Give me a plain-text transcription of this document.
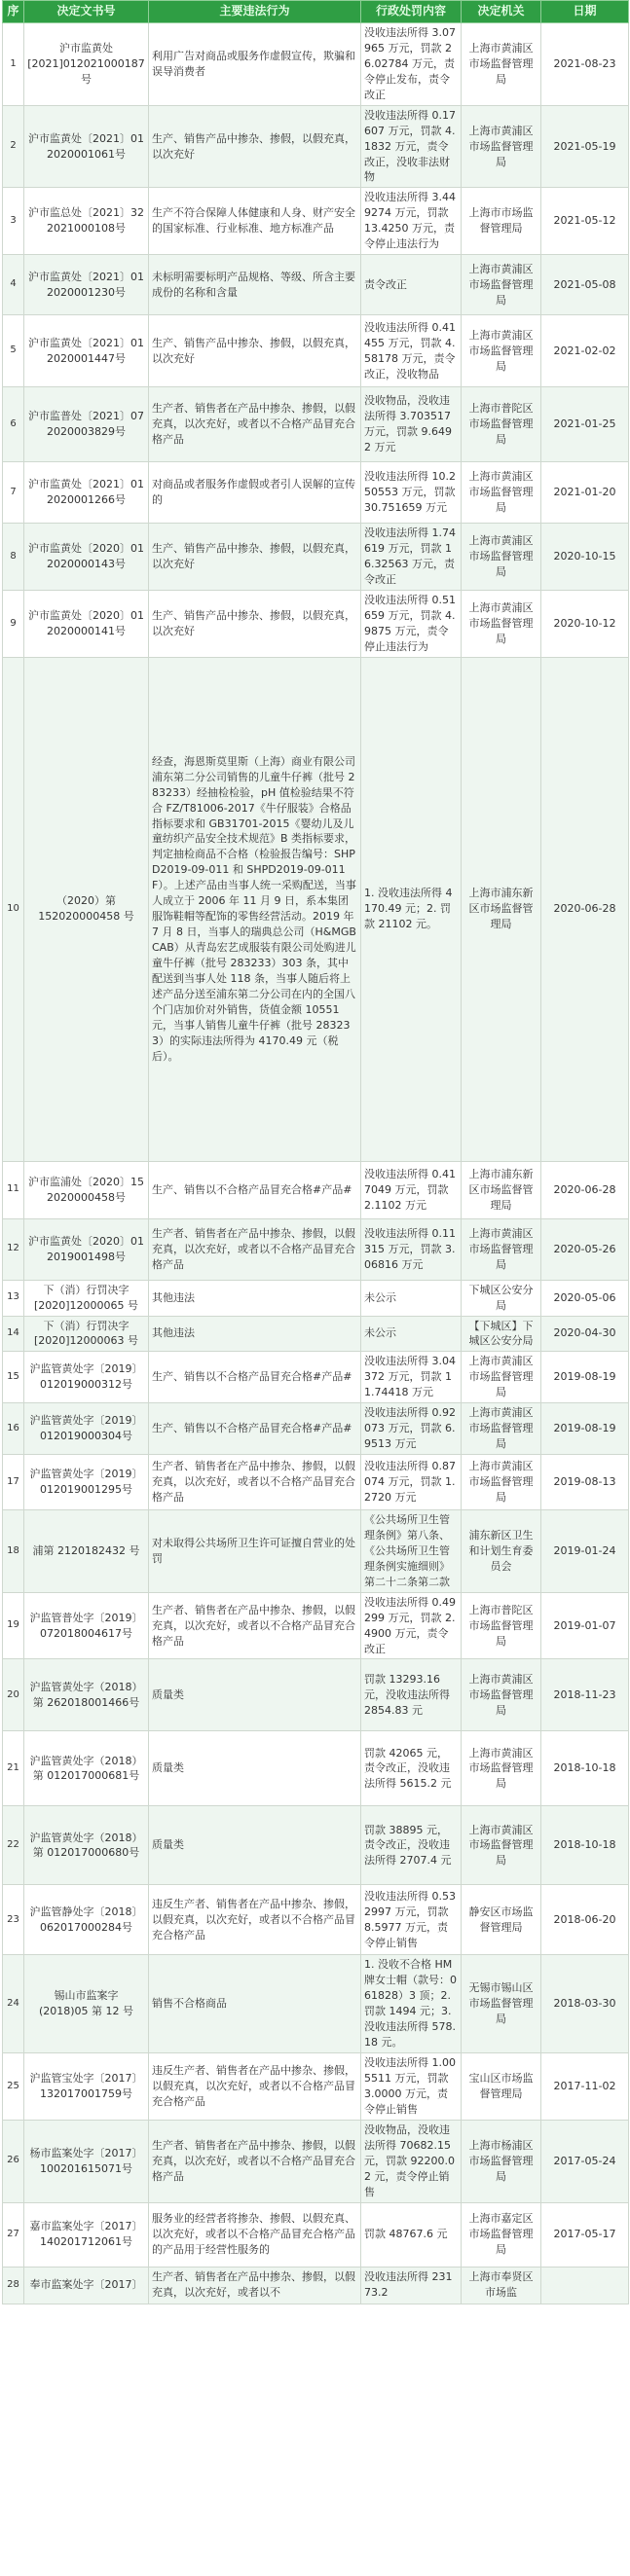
序	决定文书号	主要违法行为	行政处罚内容	决定机关	日期
1	沪市监黄处
[2021]012021000187
号	利用广告对商品或服务作虚假宣传，欺骗和误导消费者	没收违法所得 3.07965 万元，罚款 26.02784 万元，责令停止发布，责令改正	上海市黄浦区市场监督管理局	2021-08-23
2	沪市监黄处〔2021〕012020001061号	生产、销售产品中掺杂、掺假，以假充真，以次充好	没收违法所得 0.17607 万元，罚款 4.1832 万元，责令改正，没收非法财物	上海市黄浦区市场监督管理局	2021-05-19
3	沪市监总处〔2021〕322021000108号	生产不符合保障人体健康和人身、财产安全的国家标准、行业标准、地方标准产品	没收违法所得 3.449274 万元，罚款 13.4250 万元，责令停止违法行为	上海市市场监督管理局	2021-05-12
4	沪市监黄处〔2021〕012020001230号	未标明需要标明产品规格、等级、所含主要成份的名称和含量	责令改正	上海市黄浦区市场监督管理局	2021-05-08
5	沪市监黄处〔2021〕012020001447号	生产、销售产品中掺杂、掺假，以假充真，以次充好	没收违法所得 0.41455 万元，罚款 4.58178 万元，责令改正，没收物品	上海市黄浦区市场监督管理局	2021-02-02
6	沪市监普处〔2021〕072020003829号	生产者、销售者在产品中掺杂、掺假，以假充真，以次充好，或者以不合格产品冒充合格产品	没收物品，没收违法所得 3.703517 万元，罚款 9.6492 万元	上海市普陀区市场监督管理局	2021-01-25
7	沪市监黄处〔2021〕012020001266号	对商品或者服务作虚假或者引人误解的宣传的	没收违法所得 10.250553 万元，罚款 30.751659 万元	上海市黄浦区市场监督管理局	2021-01-20
8	沪市监黄处〔2020〕012020000143号	生产、销售产品中掺杂、掺假，以假充真，以次充好	没收违法所得 1.74619 万元，罚款 16.32563 万元，责令改正	上海市黄浦区市场监督管理局	2020-10-15
9	沪市监黄处〔2020〕012020000141号	生产、销售产品中掺杂、掺假，以假充真，以次充好	没收违法所得 0.51659 万元，罚款 4.9875 万元，责令停止违法行为	上海市黄浦区市场监督管理局	2020-10-12
10	（2020）第
152020000458 号	经查，海恩斯莫里斯（上海）商业有限公司浦东第二分公司销售的儿童牛仔裤（批号 283233）经抽检检验，pH 值检验结果不符合 FZ/T81006-2017《牛仔服装》合格品指标要求和 GB31701-2015《婴幼儿及儿童纺织产品安全技术规范》B 类指标要求，判定抽检商品不合格（检验报告编号：SHPD2019-09-011 和 SHPD2019-09-011F）。上述产品由当事人统一采购配送，当事人成立于 2006 年 11 月 9 日，系本集团服饰鞋帽等配饰的零售经营活动。2019 年 7 月 8 日，当事人的瑞典总公司（H&MGBCAB）从青岛宏艺成服装有限公司处购进儿童牛仔裤（批号 283233）303 条，其中配送到当事人处 118 条，当事人随后将上述产品分送至浦东第二分公司在内的全国八个门店加价对外销售，货值金额 10551 元，当事人销售儿童牛仔裤（批号 283233）的实际违法所得为 4170.49 元（税后）。	1. 没收违法所得 4170.49 元；2. 罚款 21102 元。	上海市浦东新区市场监督管理局	2020-06-28
11	沪市监浦处〔2020〕152020000458号	生产、销售以不合格产品冒充合格#产品#	没收违法所得 0.417049 万元，罚款 2.1102 万元	上海市浦东新区市场监督管理局	2020-06-28
12	沪市监黄处〔2020〕012019001498号	生产者、销售者在产品中掺杂、掺假，以假充真，以次充好，或者以不合格产品冒充合格产品	没收违法所得 0.11315 万元，罚款 3.06816 万元	上海市黄浦区市场监督管理局	2020-05-26
13	下（消）行罚决字
[2020]12000065 号	其他违法	未公示	下城区公安分局	2020-05-06
14	下（消）行罚决字
[2020]12000063 号	其他违法	未公示	【下城区】下城区公安分局	2020-04-30
15	沪监管黄处字〔2019〕012019000312号	生产、销售以不合格产品冒充合格#产品#	没收违法所得 3.04372 万元，罚款 11.74418 万元	上海市黄浦区市场监督管理局	2019-08-19
16	沪监管黄处字〔2019〕012019000304号	生产、销售以不合格产品冒充合格#产品#	没收违法所得 0.92073 万元，罚款 6.9513 万元	上海市黄浦区市场监督管理局	2019-08-19
17	沪监管黄处字〔2019〕012019001295号	生产者、销售者在产品中掺杂、掺假，以假充真，以次充好，或者以不合格产品冒充合格产品	没收违法所得 0.87074 万元，罚款 1.2720 万元	上海市黄浦区市场监督管理局	2019-08-13
18	浦第 2120182432 号	对未取得公共场所卫生许可证擅自营业的处罚	《公共场所卫生管理条例》第八条、《公共场所卫生管理条例实施细则》第二十二条第二款	浦东新区卫生和计划生育委员会	2019-01-24
19	沪监管普处字〔2019〕072018004617号	生产者、销售者在产品中掺杂、掺假，以假充真，以次充好，或者以不合格产品冒充合格产品	没收违法所得 0.49299 万元，罚款 2.4900 万元，责令改正	上海市普陀区市场监督管理局	2019-01-07
20	沪监管黄处字（2018）第 262018001466号	质量类	罚款 13293.16 元，没收违法所得 2854.83 元	上海市黄浦区市场监督管理局	2018-11-23
21	沪监管黄处字（2018）第 012017000681号	质量类	罚款 42065 元，责令改正，没收违法所得 5615.2 元	上海市黄浦区市场监督管理局	2018-10-18
22	沪监管黄处字（2018）第 012017000680号	质量类	罚款 38895 元，责令改正，没收违法所得 2707.4 元	上海市黄浦区市场监督管理局	2018-10-18
23	沪监管静处字〔2018〕062017000284号	违反生产者、销售者在产品中掺杂、掺假，以假充真，以次充好，或者以不合格产品冒充合格产品	没收违法所得 0.532997 万元，罚款 8.5977 万元，责令停止销售	静安区市场监督管理局	2018-06-20
24	锡山市监案字
(2018)05 第 12 号	销售不合格商品	1. 没收不合格 HM 牌女士帽（款号：061828）3 顶；2. 罚款 1494 元；3. 没收违法所得 578.18 元。	无锡市锡山区市场监督管理局	2018-03-30
25	沪监管宝处字〔2017〕132017001759号	违反生产者、销售者在产品中掺杂、掺假，以假充真，以次充好，或者以不合格产品冒充合格产品	没收违法所得 1.005511 万元，罚款 3.0000 万元，责令停止销售	宝山区市场监督管理局	2017-11-02
26	杨市监案处字〔2017〕100201615071号	生产者、销售者在产品中掺杂、掺假，以假充真，以次充好，或者以不合格产品冒充合格产品	没收物品，没收违法所得 70682.15 元，罚款 92200.02 元，责令停止销售	上海市杨浦区市场监督管理局	2017-05-24
27	嘉市监案处字〔2017〕140201712061号	服务业的经营者将掺杂、掺假、以假充真、以次充好，或者以不合格产品冒充合格产品的产品用于经营性服务的	罚款 48767.6 元	上海市嘉定区市场监督管理局	2017-05-17
28	奉市监案处字〔2017〕	生产者、销售者在产品中掺杂、掺假，以假充真，以次充好，或者以不	没收违法所得 23173.2	上海市奉贤区市场监	
